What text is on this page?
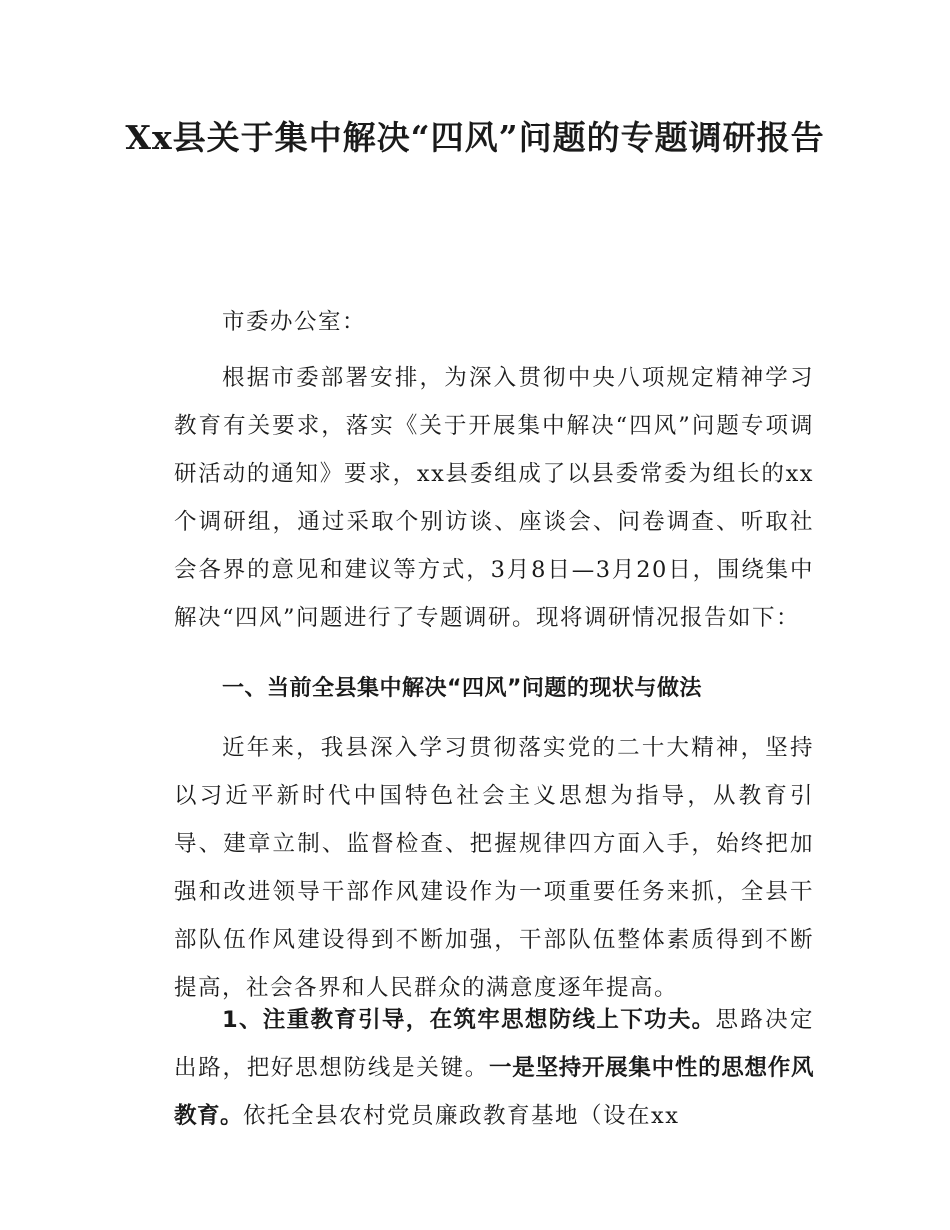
Xx县关于集中解决“四风”问题的专题调研报告

市委办公室：

根据市委部署安排，为深入贯彻中央八项规定精神学习教育有关要求，落实《关于开展集中解决“四风”问题专项调研活动的通知》要求，xx县委组成了以县委常委为组长的xx个调研组，通过采取个别访谈、座谈会、问卷调查、听取社会各界的意见和建议等方式，3月8日—3月20日，围绕集中解决“四风”问题进行了专题调研。现将调研情况报告如下：

一、当前全县集中解决“四风”问题的现状与做法

近年来，我县深入学习贯彻落实党的二十大精神，坚持以习近平新时代中国特色社会主义思想为指导，从教育引导、建章立制、监督检查、把握规律四方面入手，始终把加强和改进领导干部作风建设作为一项重要任务来抓，全县干部队伍作风建设得到不断加强，干部队伍整体素质得到不断提高，社会各界和人民群众的满意度逐年提高。

1、注重教育引导，在筑牢思想防线上下功夫。思路决定出路，把好思想防线是关键。一是坚持开展集中性的思想作风教育。依托全县农村党员廉政教育基地（设在xx
